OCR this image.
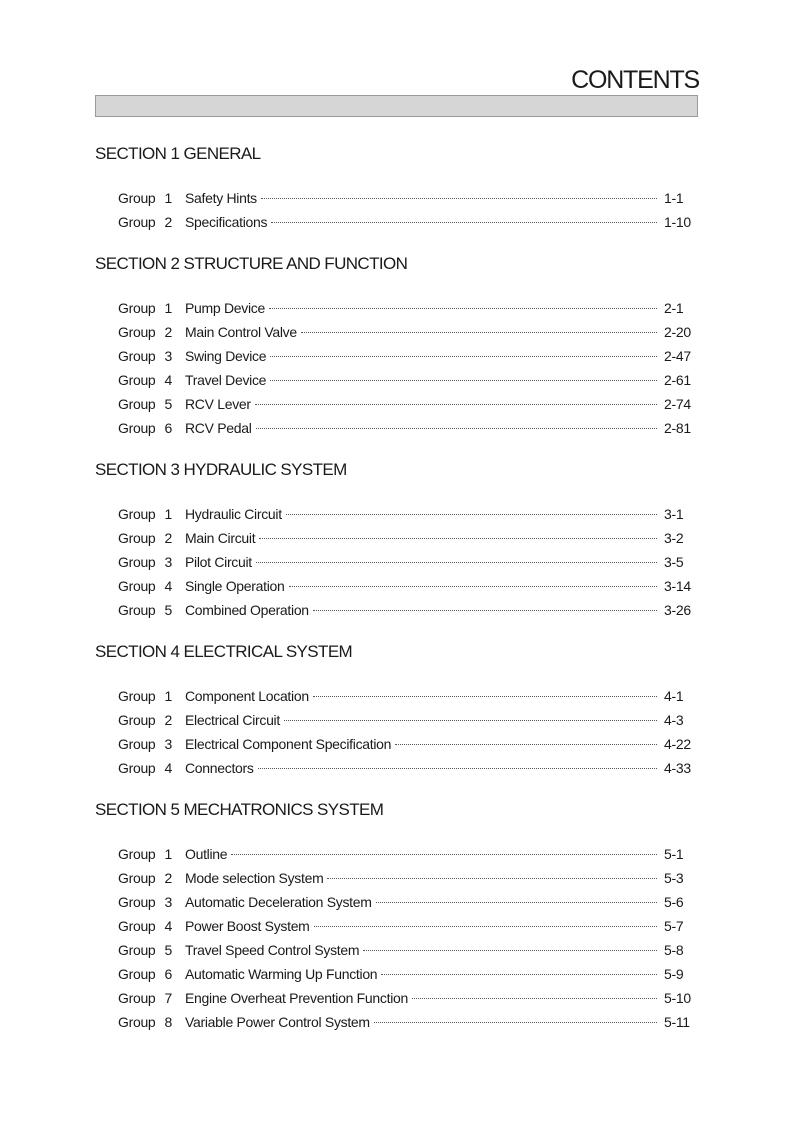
CONTENTS
SECTION 1 GENERAL
Group 1 Safety Hints	1-1
Group 2 Specifications	1-10
SECTION 2 STRUCTURE AND FUNCTION
Group 1 Pump Device	2-1
Group 2 Main Control Valve	2-20
Group 3 Swing Device	2-47
Group 4 Travel Device	2-61
Group 5 RCV Lever	2-74
Group 6 RCV Pedal	2-81
SECTION 3 HYDRAULIC SYSTEM
Group 1 Hydraulic Circuit	3-1
Group 2 Main Circuit	3-2
Group 3 Pilot Circuit	3-5
Group 4 Single Operation	3-14
Group 5 Combined Operation	3-26
SECTION 4 ELECTRICAL SYSTEM
Group 1 Component Location	4-1
Group 2 Electrical Circuit	4-3
Group 3 Electrical Component Specification	4-22
Group 4 Connectors	4-33
SECTION 5 MECHATRONICS SYSTEM
Group 1 Outline	5-1
Group 2 Mode selection System	5-3
Group 3 Automatic Deceleration System	5-6
Group 4 Power Boost System	5-7
Group 5 Travel Speed Control System	5-8
Group 6 Automatic Warming Up Function	5-9
Group 7 Engine Overheat Prevention Function	5-10
Group 8 Variable Power Control System	5-11
